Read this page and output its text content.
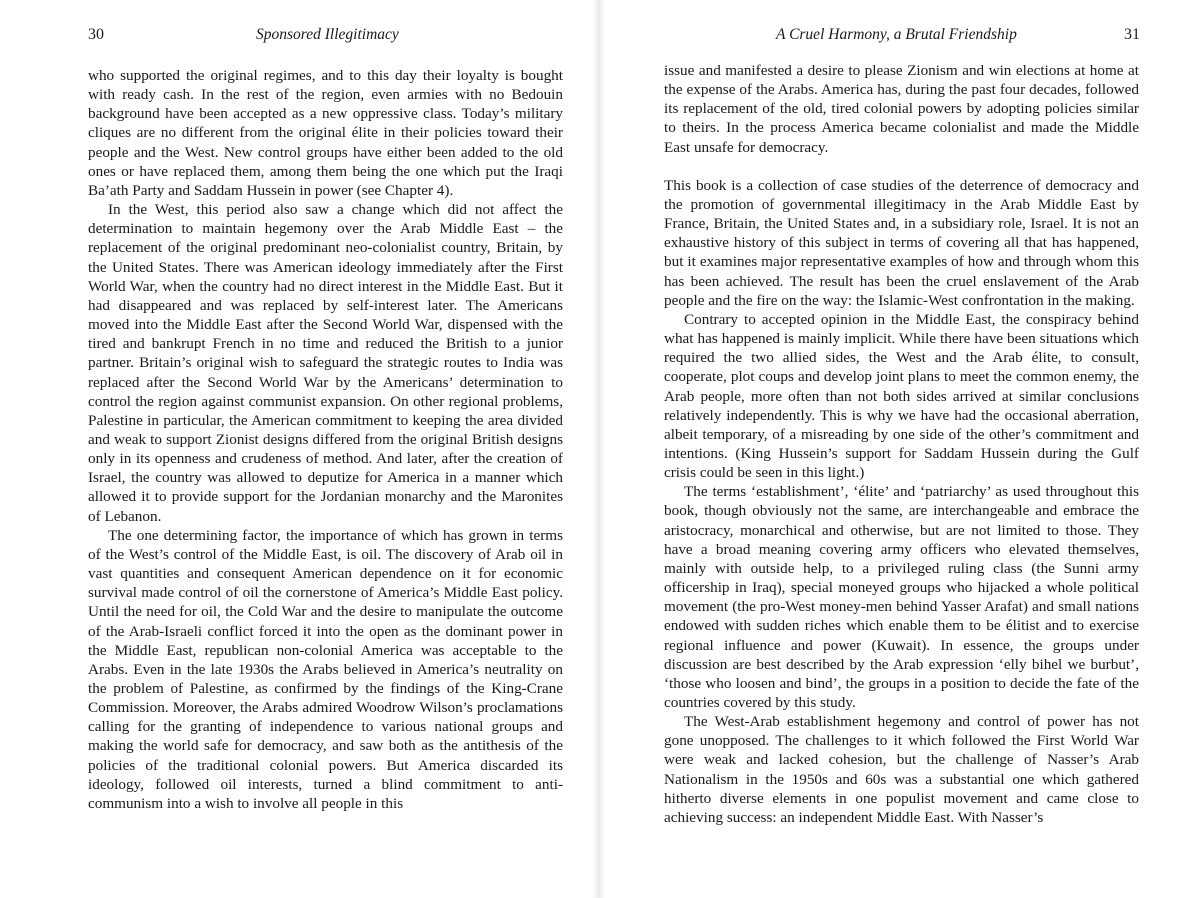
30	Sponsored Illegitimacy

who supported the original regimes, and to this day their loyalty is bought with ready cash. In the rest of the region, even armies with no Bedouin background have been accepted as a new oppressive class. Today’s military cliques are no different from the original élite in their policies toward their people and the West. New control groups have either been added to the old ones or have replaced them, among them being the one which put the Iraqi Ba’ath Party and Saddam Hussein in power (see Chapter 4).

In the West, this period also saw a change which did not affect the determination to maintain hegemony over the Arab Middle East – the replacement of the original predominant neo-colonialist country, Britain, by the United States. There was American ideology immediately after the First World War, when the country had no direct interest in the Middle East. But it had disappeared and was replaced by self-interest later. The Americans moved into the Middle East after the Second World War, dispensed with the tired and bankrupt French in no time and reduced the British to a junior partner. Britain’s original wish to safeguard the strategic routes to India was replaced after the Second World War by the Americans’ determination to control the region against communist expansion. On other regional problems, Palestine in particular, the American commitment to keeping the area divided and weak to support Zionist designs differed from the original British designs only in its openness and crudeness of method. And later, after the creation of Israel, the country was allowed to deputize for America in a manner which allowed it to provide support for the Jordanian monarchy and the Maronites of Lebanon.

The one determining factor, the importance of which has grown in terms of the West’s control of the Middle East, is oil. The discovery of Arab oil in vast quantities and consequent American dependence on it for economic survival made control of oil the cornerstone of America’s Middle East policy. Until the need for oil, the Cold War and the desire to manipulate the outcome of the Arab-Israeli conflict forced it into the open as the dominant power in the Middle East, republican non-colonial America was acceptable to the Arabs. Even in the late 1930s the Arabs believed in America’s neutrality on the problem of Palestine, as confirmed by the findings of the King-Crane Commission. Moreover, the Arabs admired Woodrow Wilson’s proclamations calling for the granting of independence to various national groups and making the world safe for democracy, and saw both as the antithesis of the policies of the traditional colonial powers. But America discarded its ideology, followed oil interests, turned a blind commitment to anti-communism into a wish to involve all people in this

A Cruel Harmony, a Brutal Friendship	31

issue and manifested a desire to please Zionism and win elections at home at the expense of the Arabs. America has, during the past four decades, followed its replacement of the old, tired colonial powers by adopting policies similar to theirs. In the process America became colonialist and made the Middle East unsafe for democracy.

This book is a collection of case studies of the deterrence of democracy and the promotion of governmental illegitimacy in the Arab Middle East by France, Britain, the United States and, in a subsidiary role, Israel. It is not an exhaustive history of this subject in terms of covering all that has happened, but it examines major representative examples of how and through whom this has been achieved. The result has been the cruel enslavement of the Arab people and the fire on the way: the Islamic-West confrontation in the making.

Contrary to accepted opinion in the Middle East, the conspiracy behind what has happened is mainly implicit. While there have been situations which required the two allied sides, the West and the Arab élite, to consult, cooperate, plot coups and develop joint plans to meet the common enemy, the Arab people, more often than not both sides arrived at similar conclusions relatively independently. This is why we have had the occasional aberration, albeit temporary, of a misreading by one side of the other’s commitment and intentions. (King Hussein’s support for Saddam Hussein during the Gulf crisis could be seen in this light.)

The terms ‘establishment’, ‘élite’ and ‘patriarchy’ as used throughout this book, though obviously not the same, are interchangeable and embrace the aristocracy, monarchical and otherwise, but are not limited to those. They have a broad meaning covering army officers who elevated themselves, mainly with outside help, to a privileged ruling class (the Sunni army officership in Iraq), special moneyed groups who hijacked a whole political movement (the pro-West money-men behind Yasser Arafat) and small nations endowed with sudden riches which enable them to be élitist and to exercise regional influence and power (Kuwait). In essence, the groups under discussion are best described by the Arab expression ‘elly bihel we burbut’, ‘those who loosen and bind’, the groups in a position to decide the fate of the countries covered by this study.

The West-Arab establishment hegemony and control of power has not gone unopposed. The challenges to it which followed the First World War were weak and lacked cohesion, but the challenge of Nasser’s Arab Nationalism in the 1950s and 60s was a substantial one which gathered hitherto diverse elements in one populist movement and came close to achieving success: an independent Middle East. With Nasser’s
